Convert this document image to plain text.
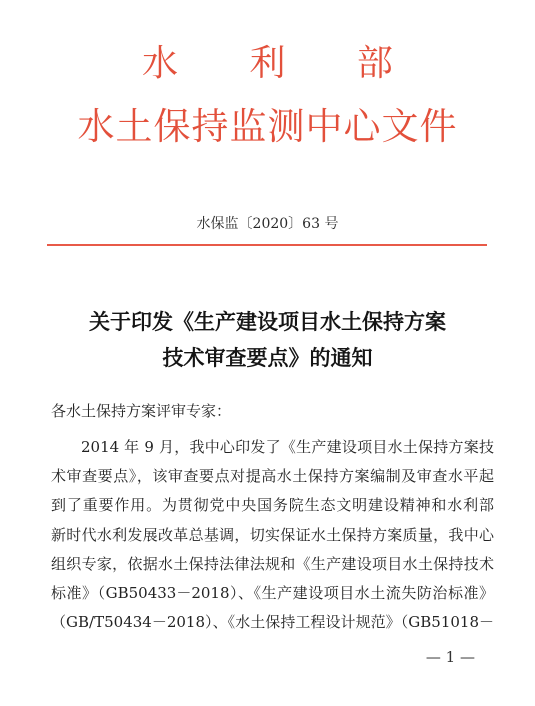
水 利 部
水土保持监测中心文件
水保监〔2020〕63 号
关于印发《生产建设项目水土保持方案
技术审查要点》的通知
各水土保持方案评审专家：
2014 年 9 月，我中心印发了《生产建设项目水土保持方案技
术审查要点》，该审查要点对提高水土保持方案编制及审查水平起
到了重要作用。为贯彻党中央国务院生态文明建设精神和水利部
新时代水利发展改革总基调，切实保证水土保持方案质量，我中心
组织专家，依据水土保持法律法规和《生产建设项目水土保持技术
标准》（GB50433－2018）、《生产建设项目水土流失防治标准》
（GB/T50434－2018）、《水土保持工程设计规范》（GB51018－
— 1 —
